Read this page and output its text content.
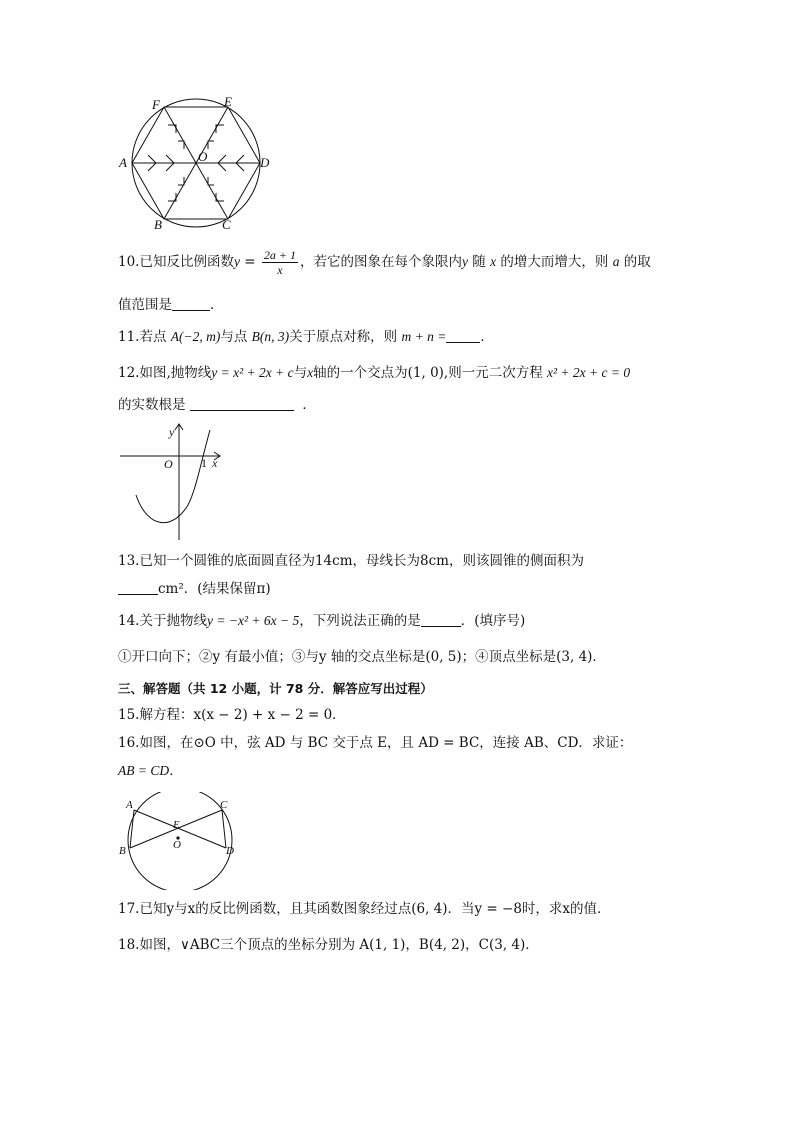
F	E
A	O	D
B	C
10.已知反比例函数$y = \frac{2a + 1}{x}$ ，若它的图象在每个象限内y 随 x 的增大而增大，则 a 的取
值范围是	．
11.若点 A(−2, m)与点 B(n, 3)关于原点对称，则 m + n =	．
12.如图,抛物线y = x² + 2x + c与x轴的一个交点为(1, 0),则一元二次方程 x² + 2x + c = 0
的实数根是	．
y
O 1 x
13.已知一个圆锥的底面圆直径为14cm，母线长为8cm，则该圆锥的侧面积为
cm²．(结果保留π)
14.关于抛物线y = −x² + 6x − 5，下列说法正确的是	．(填序号)
①开口向下；②y 有最小值；③与y 轴的交点坐标是(0, 5)；④顶点坐标是(3, 4)．
三、解答题（共 12 小题，计 78 分．解答应写出过程）
15.解方程：x(x − 2) + x − 2 = 0．
16.如图，在⊙O 中，弦 AD 与 BC 交于点 E，且 AD = BC，连接 AB、CD．求证：
AB = CD．
A	C
E
O
B	D
17.已知y与x的反比例函数，且其函数图象经过点(6, 4)．当y = −8时，求x的值．
18.如图，∨ABC三个顶点的坐标分别为 A(1, 1)，B(4, 2)，C(3, 4)．
